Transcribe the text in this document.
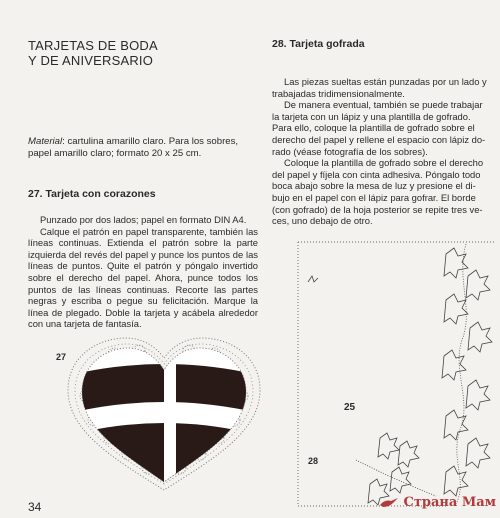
TARJETAS DE BODA
Y DE ANIVERSARIO

Material: cartulina amarillo claro. Para los sobres, papel amarillo claro; formato 20 x 25 cm.

27. Tarjeta con corazones

Punzado por dos lados; papel en formato DIN A4.

Calque el patrón en papel transparente, también las líneas continuas. Extienda el patrón sobre la parte izquierda del revés del papel y punce los puntos de las líneas de puntos. Quite el patrón y póngalo invertido sobre el derecho del papel. Ahora, punce todos los puntos de las líneas continuas. Recorte las partes negras y escriba o pegue su felicitación. Marque la línea de plegado. Doble la tarjeta y acábela alrededor con una tarjeta de fantasía.

27
34
28. Tarjeta gofrada

Las piezas sueltas están punzadas por un lado y

trabajadas tridimensionalmente.

De manera eventual, también se puede trabajar

la tarjeta con un lápiz y una plantilla de gofrado.

Para ello, coloque la plantilla de gofrado sobre el

derecho del papel y rellene el espacio con lápiz do-

rado (véase fotografía de los sobres).

Coloque la plantilla de gofrado sobre el derecho

del papel y fíjela con cinta adhesiva. Póngalo todo

boca abajo sobre la mesa de luz y presione el di-

bujo en el papel con el lápiz para gofrar. El borde

(con gofrado) de la hoja posterior se repite tres ve-

ces, uno debajo de otro.

25
28
Страна Мам
